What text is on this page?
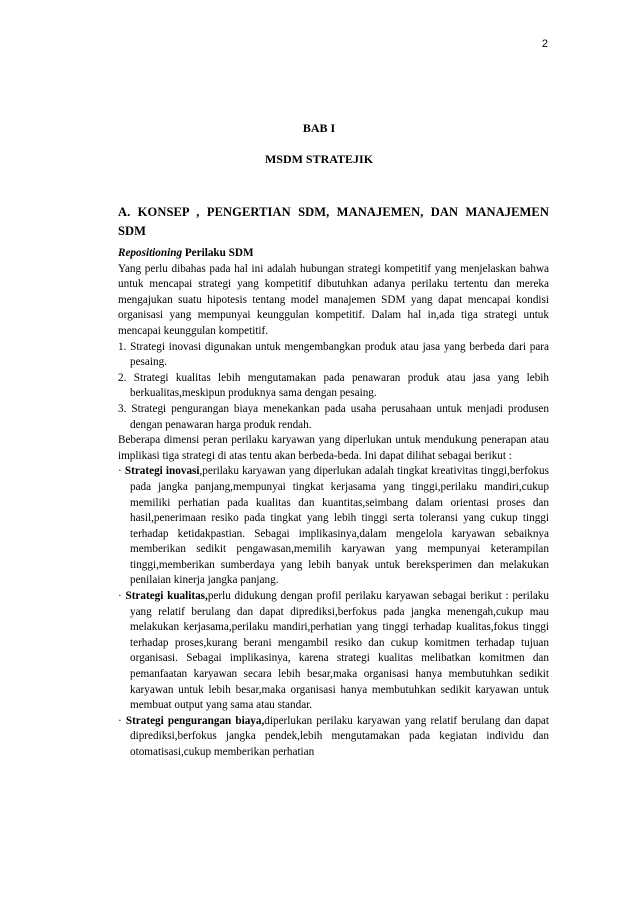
2
BAB I
MSDM STRATEJIK
A. KONSEP , PENGERTIAN SDM, MANAJEMEN, DAN MANAJEMEN SDM

Repositioning Perilaku SDM

Yang perlu dibahas pada hal ini adalah hubungan strategi kompetitif yang menjelaskan bahwa untuk mencapai strategi yang kompetitif dibutuhkan adanya perilaku tertentu dan mereka mengajukan suatu hipotesis tentang model manajemen SDM yang dapat mencapai kondisi organisasi yang mempunyai keunggulan kompetitif. Dalam hal in,ada tiga strategi untuk mencapai keunggulan kompetitif.

1. Strategi inovasi digunakan untuk mengembangkan produk atau jasa yang berbeda dari para pesaing.

2. Strategi kualitas lebih mengutamakan pada penawaran produk atau jasa yang lebih berkualitas,meskipun produknya sama dengan pesaing.

3. Strategi pengurangan biaya menekankan pada usaha perusahaan untuk menjadi produsen dengan penawaran harga produk rendah.

Beberapa dimensi peran perilaku karyawan yang diperlukan untuk mendukung penerapan atau implikasi tiga strategi di atas tentu akan berbeda-beda. Ini dapat dilihat sebagai berikut :

· Strategi inovasi,perilaku karyawan yang diperlukan adalah tingkat kreativitas tinggi,berfokus pada jangka panjang,mempunyai tingkat kerjasama yang tinggi,perilaku mandiri,cukup memiliki perhatian pada kualitas dan kuantitas,seimbang dalam orientasi proses dan hasil,penerimaan resiko pada tingkat yang lebih tinggi serta toleransi yang cukup tinggi terhadap ketidakpastian. Sebagai implikasinya,dalam mengelola karyawan sebaiknya memberikan sedikit pengawasan,memilih karyawan yang mempunyai keterampilan tinggi,memberikan sumberdaya yang lebih banyak untuk bereksperimen dan melakukan penilaian kinerja jangka panjang.

· Strategi kualitas,perlu didukung dengan profil perilaku karyawan sebagai berikut : perilaku yang relatif berulang dan dapat diprediksi,berfokus pada jangka menengah,cukup mau melakukan kerjasama,perilaku mandiri,perhatian yang tinggi terhadap kualitas,fokus tinggi terhadap proses,kurang berani mengambil resiko dan cukup komitmen terhadap tujuan organisasi. Sebagai implikasinya, karena strategi kualitas melibatkan komitmen dan pemanfaatan karyawan secara lebih besar,maka organisasi hanya membutuhkan sedikit karyawan untuk lebih besar,maka organisasi hanya membutuhkan sedikit karyawan untuk membuat output yang sama atau standar.

· Strategi pengurangan biaya,diperlukan perilaku karyawan yang relatif berulang dan dapat diprediksi,berfokus jangka pendek,lebih mengutamakan pada kegiatan individu dan otomatisasi,cukup memberikan perhatian
